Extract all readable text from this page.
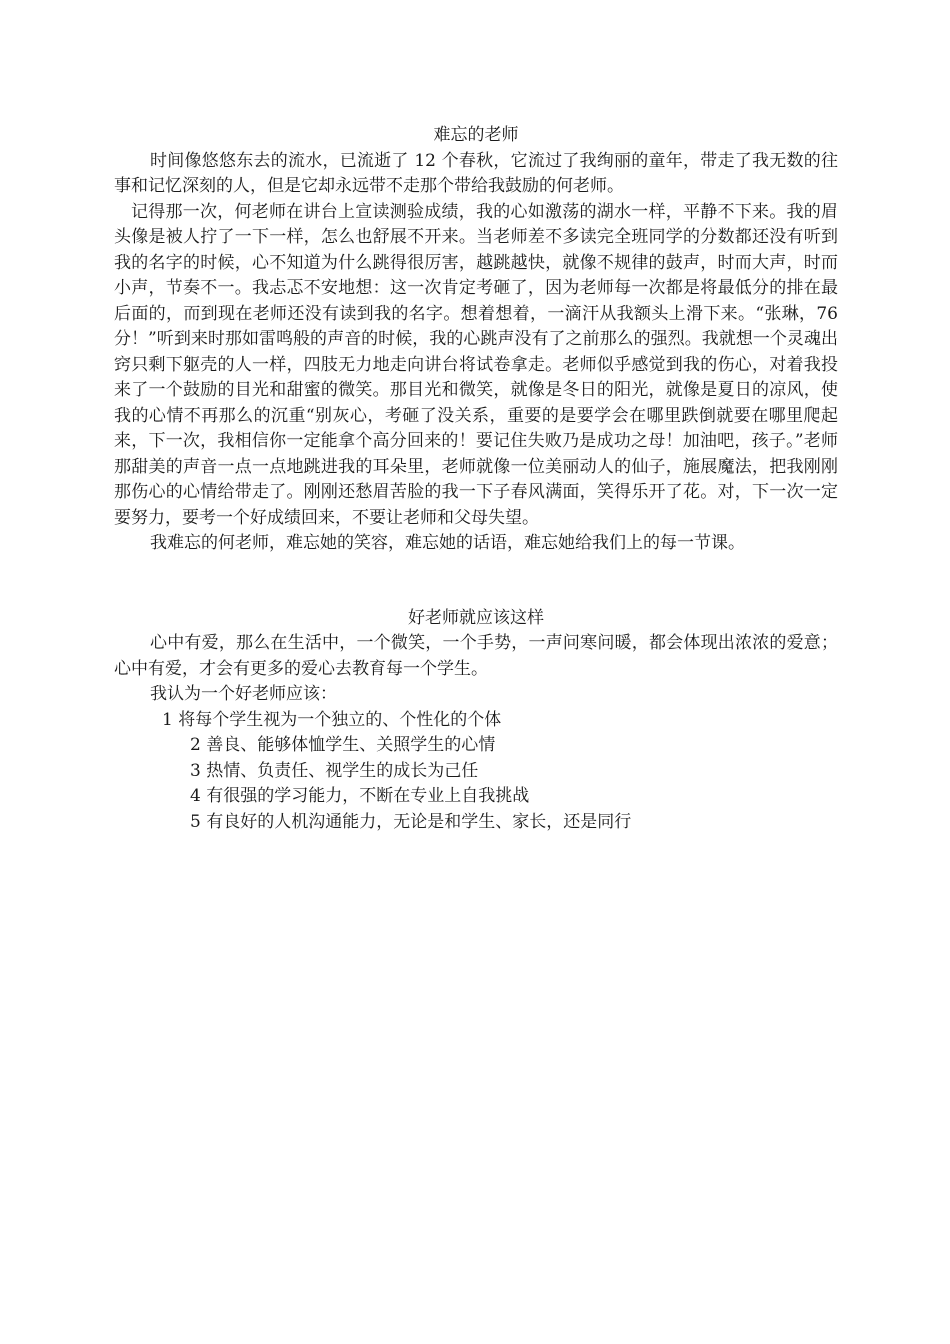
难忘的老师

时间像悠悠东去的流水，已流逝了 12 个春秋，它流过了我绚丽的童年，带走了我无数的往事和记忆深刻的人，但是它却永远带不走那个带给我鼓励的何老师。

记得那一次，何老师在讲台上宣读测验成绩，我的心如激荡的湖水一样，平静不下来。我的眉头像是被人拧了一下一样，怎么也舒展不开来。当老师差不多读完全班同学的分数都还没有听到我的名字的时候，心不知道为什么跳得很厉害，越跳越快，就像不规律的鼓声，时而大声，时而小声，节奏不一。我忐忑不安地想：这一次肯定考砸了，因为老师每一次都是将最低分的排在最后面的，而到现在老师还没有读到我的名字。想着想着，一滴汗从我额头上滑下来。“张琳，76 分！”听到来时那如雷鸣般的声音的时候，我的心跳声没有了之前那么的强烈。我就想一个灵魂出窍只剩下躯壳的人一样，四肢无力地走向讲台将试卷拿走。老师似乎感觉到我的伤心，对着我投来了一个鼓励的目光和甜蜜的微笑。那目光和微笑，就像是冬日的阳光，就像是夏日的凉风，使我的心情不再那么的沉重“别灰心，考砸了没关系，重要的是要学会在哪里跌倒就要在哪里爬起来，下一次，我相信你一定能拿个高分回来的！要记住失败乃是成功之母！加油吧，孩子。”老师那甜美的声音一点一点地跳进我的耳朵里，老师就像一位美丽动人的仙子，施展魔法，把我刚刚那伤心的心情给带走了。刚刚还愁眉苦脸的我一下子春风满面，笑得乐开了花。对，下一次一定要努力，要考一个好成绩回来，不要让老师和父母失望。

我难忘的何老师，难忘她的笑容，难忘她的话语，难忘她给我们上的每一节课。

好老师就应该这样

心中有爱，那么在生活中，一个微笑，一个手势，一声问寒问暖，都会体现出浓浓的爱意；心中有爱，才会有更多的爱心去教育每一个学生。

我认为一个好老师应该：

1 将每个学生视为一个独立的、个性化的个体

2 善良、能够体恤学生、关照学生的心情

3 热情、负责任、视学生的成长为己任

4 有很强的学习能力，不断在专业上自我挑战

5 有良好的人机沟通能力，无论是和学生、家长，还是同行
